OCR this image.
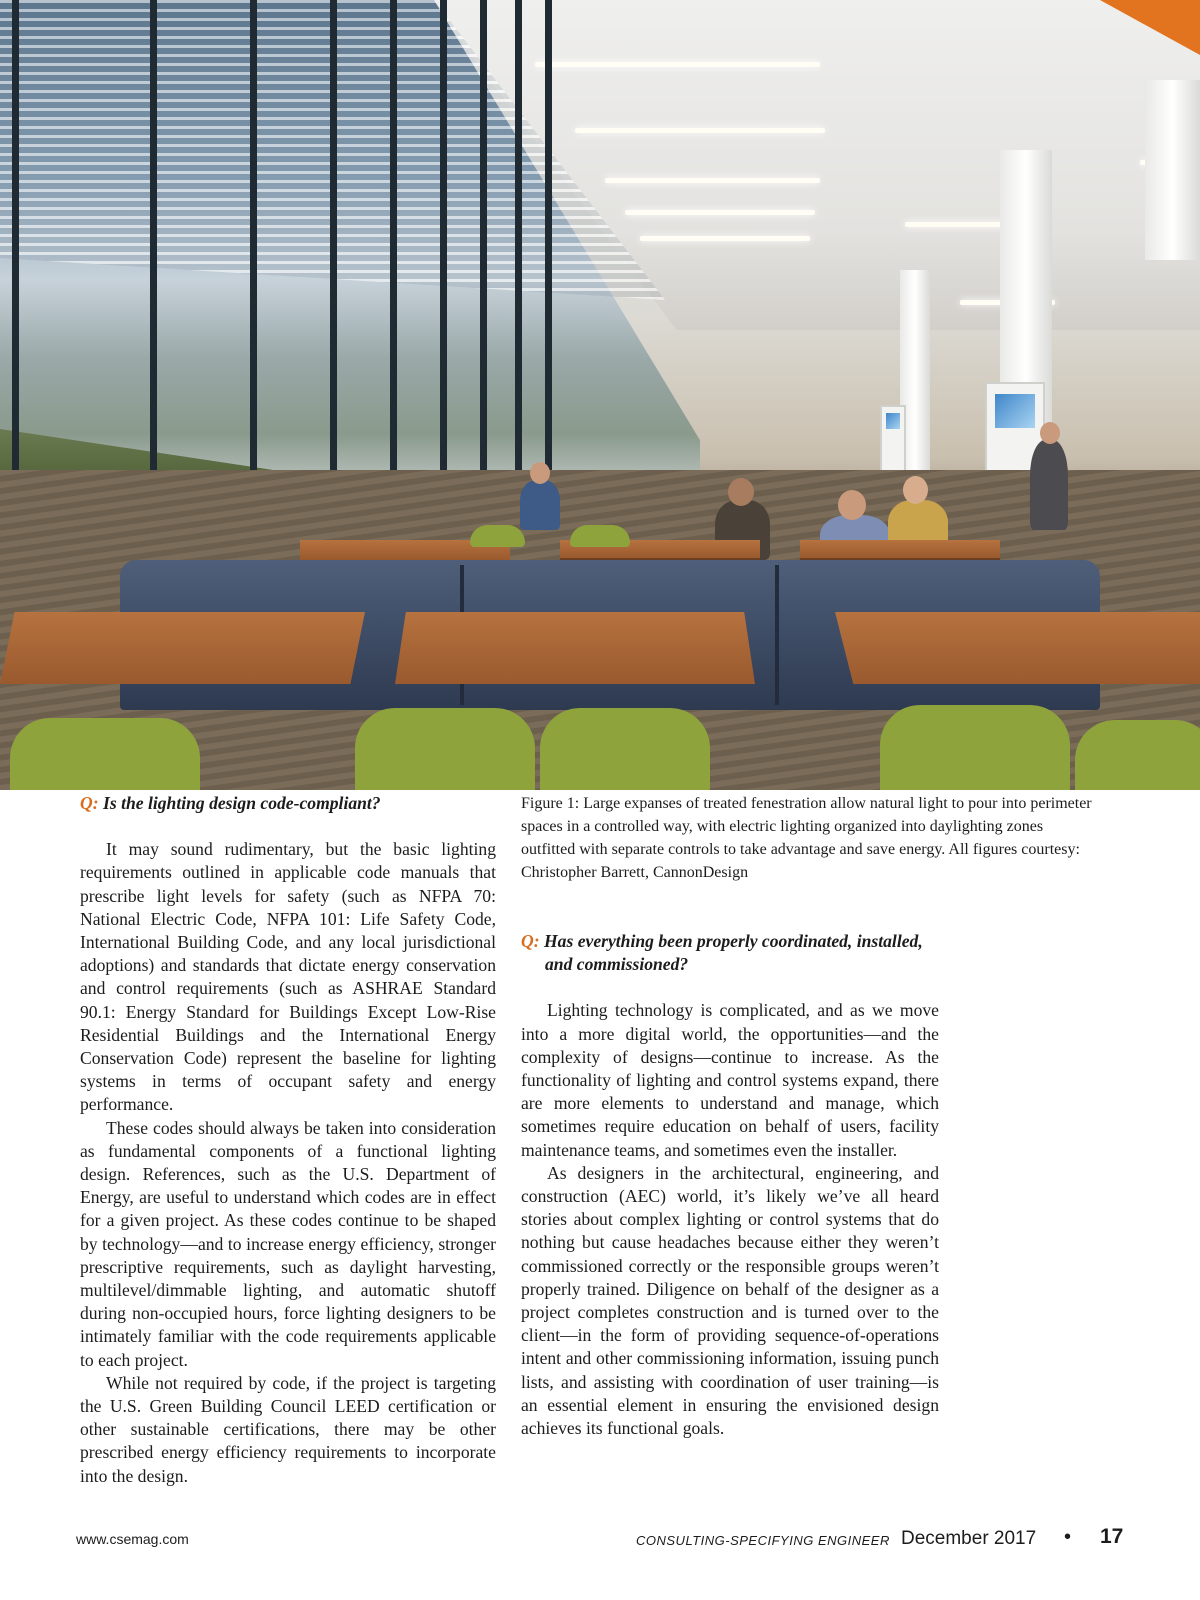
Q: Is the lighting design code-compliant?

It may sound rudimentary, but the basic lighting requirements outlined in applicable code manuals that prescribe light levels for safety (such as NFPA 70: National Electric Code, NFPA 101: Life Safety Code, International Building Code, and any local jurisdictional adoptions) and standards that dictate energy conservation and control requirements (such as ASHRAE Standard 90.1: Energy Standard for Buildings Except Low-Rise Residential Buildings and the International Energy Conservation Code) represent the baseline for lighting systems in terms of occupant safety and energy performance.

These codes should always be taken into consideration as fundamental components of a functional lighting design. References, such as the U.S. Department of Energy, are useful to understand which codes are in effect for a given project. As these codes continue to be shaped by technology—and to increase energy efficiency, stronger prescriptive requirements, such as daylight harvesting, multilevel/dimmable lighting, and automatic shutoff during non-occupied hours, force lighting designers to be intimately familiar with the code requirements applicable to each project.

While not required by code, if the project is targeting the U.S. Green Building Council LEED certification or other sustainable certifications, there may be other prescribed energy efficiency requirements to incorporate into the design.

Figure 1: Large expanses of treated fenestration allow natural light to pour into perimeter spaces in a controlled way, with electric lighting organized into daylighting zones outfitted with separate controls to take advantage and save energy. All figures courtesy: Christopher Barrett, CannonDesign

Q: Has everything been properly coordinated, installed, and commissioned?

Lighting technology is complicated, and as we move into a more digital world, the opportunities—and the complexity of designs—continue to increase. As the functionality of lighting and control systems expand, there are more elements to understand and manage, which sometimes require education on behalf of users, facility maintenance teams, and sometimes even the installer.

As designers in the architectural, engineering, and construction (AEC) world, it’s likely we’ve all heard stories about complex lighting or control systems that do nothing but cause headaches because either they weren’t commissioned correctly or the responsible groups weren’t properly trained. Diligence on behalf of the designer as a project completes construction and is turned over to the client—in the form of providing sequence-of-operations intent and other commissioning information, issuing punch lists, and assisting with coordination of user training—is an essential element in ensuring the envisioned design achieves its functional goals.

www.csemag.com	CONSULTING-SPECIFYING ENGINEER December 2017 • 17
